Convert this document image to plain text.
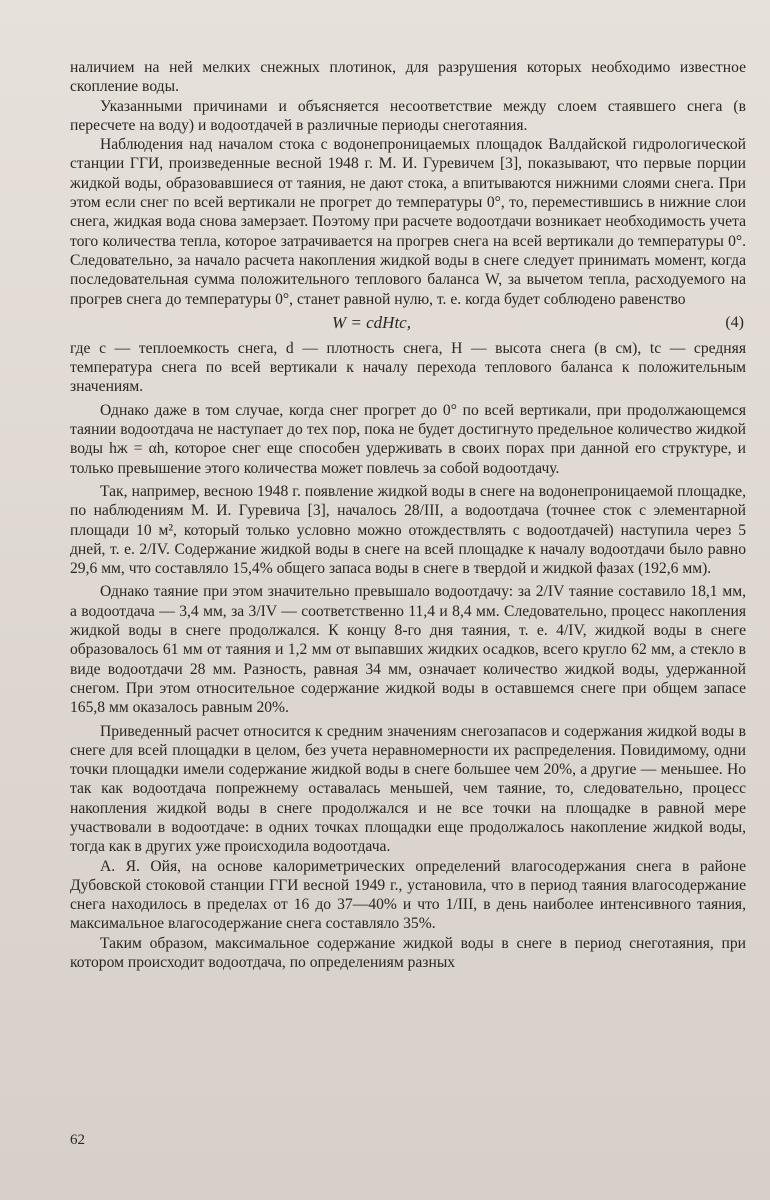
наличием на ней мелких снежных плотинок, для разрушения которых необходимо известное скопление воды.

Указанными причинами и объясняется несоответствие между слоем стаявшего снега (в пересчете на воду) и водоотдачей в различные периоды снеготаяния.

Наблюдения над началом стока с водонепроницаемых площадок Валдайской гидрологической станции ГГИ, произведенные весной 1948 г. М. И. Гуревичем [3], показывают, что первые порции жидкой воды, образовавшиеся от таяния, не дают стока, а впитываются нижними слоями снега. При этом если снег по всей вертикали не прогрет до температуры 0°, то, переместившись в нижние слои снега, жидкая вода снова замерзает. Поэтому при расчете водоотдачи возникает необходимость учета того количества тепла, которое затрачивается на прогрев снега на всей вертикали до температуры 0°. Следовательно, за начало расчета накопления жидкой воды в снеге следует принимать момент, когда последовательная сумма положительного теплового баланса W, за вычетом тепла, расходуемого на прогрев снега до температуры 0°, станет равной нулю, т. е. когда будет соблюдено равенство

W = cdHtс,	(4)

где c — теплоемкость снега, d — плотность снега, H — высота снега (в см), tс — средняя температура снега по всей вертикали к началу перехода теплового баланса к положительным значениям.

Однако даже в том случае, когда снег прогрет до 0° по всей вертикали, при продолжающемся таянии водоотдача не наступает до тех пор, пока не будет достигнуто предельное количество жидкой воды hж = αh, которое снег еще способен удерживать в своих порах при данной его структуре, и только превышение этого количества может повлечь за собой водоотдачу.

Так, например, весною 1948 г. появление жидкой воды в снеге на водонепроницаемой площадке, по наблюдениям М. И. Гуревича [3], началось 28/III, а водоотдача (точнее сток с элементарной площади 10 м², который только условно можно отождествлять с водоотдачей) наступила через 5 дней, т. е. 2/IV. Содержание жидкой воды в снеге на всей площадке к началу водоотдачи было равно 29,6 мм, что составляло 15,4% общего запаса воды в снеге в твердой и жидкой фазах (192,6 мм).

Однако таяние при этом значительно превышало водоотдачу: за 2/IV таяние составило 18,1 мм, а водоотдача — 3,4 мм, за 3/IV — соответственно 11,4 и 8,4 мм. Следовательно, процесс накопления жидкой воды в снеге продолжался. К концу 8-го дня таяния, т. е. 4/IV, жидкой воды в снеге образовалось 61 мм от таяния и 1,2 мм от выпавших жидких осадков, всего кругло 62 мм, а стекло в виде водоотдачи 28 мм. Разность, равная 34 мм, означает количество жидкой воды, удержанной снегом. При этом относительное содержание жидкой воды в оставшемся снеге при общем запасе 165,8 мм оказалось равным 20%.

Приведенный расчет относится к средним значениям снегозапасов и содержания жидкой воды в снеге для всей площадки в целом, без учета неравномерности их распределения. Повидимому, одни точки площадки имели содержание жидкой воды в снеге большее чем 20%, а другие — меньшее. Но так как водоотдача попрежнему оставалась меньшей, чем таяние, то, следовательно, процесс накопления жидкой воды в снеге продолжался и не все точки на площадке в равной мере участвовали в водоотдаче: в одних точках площадки еще продолжалось накопление жидкой воды, тогда как в других уже происходила водоотдача.

А. Я. Ойя, на основе калориметрических определений влагосодержания снега в районе Дубовской стоковой станции ГГИ весной 1949 г., установила, что в период таяния влагосодержание снега находилось в пределах от 16 до 37—40% и что 1/III, в день наиболее интенсивного таяния, максимальное влагосодержание снега составляло 35%.

Таким образом, максимальное содержание жидкой воды в снеге в период снеготаяния, при котором происходит водоотдача, по определениям разных

62
